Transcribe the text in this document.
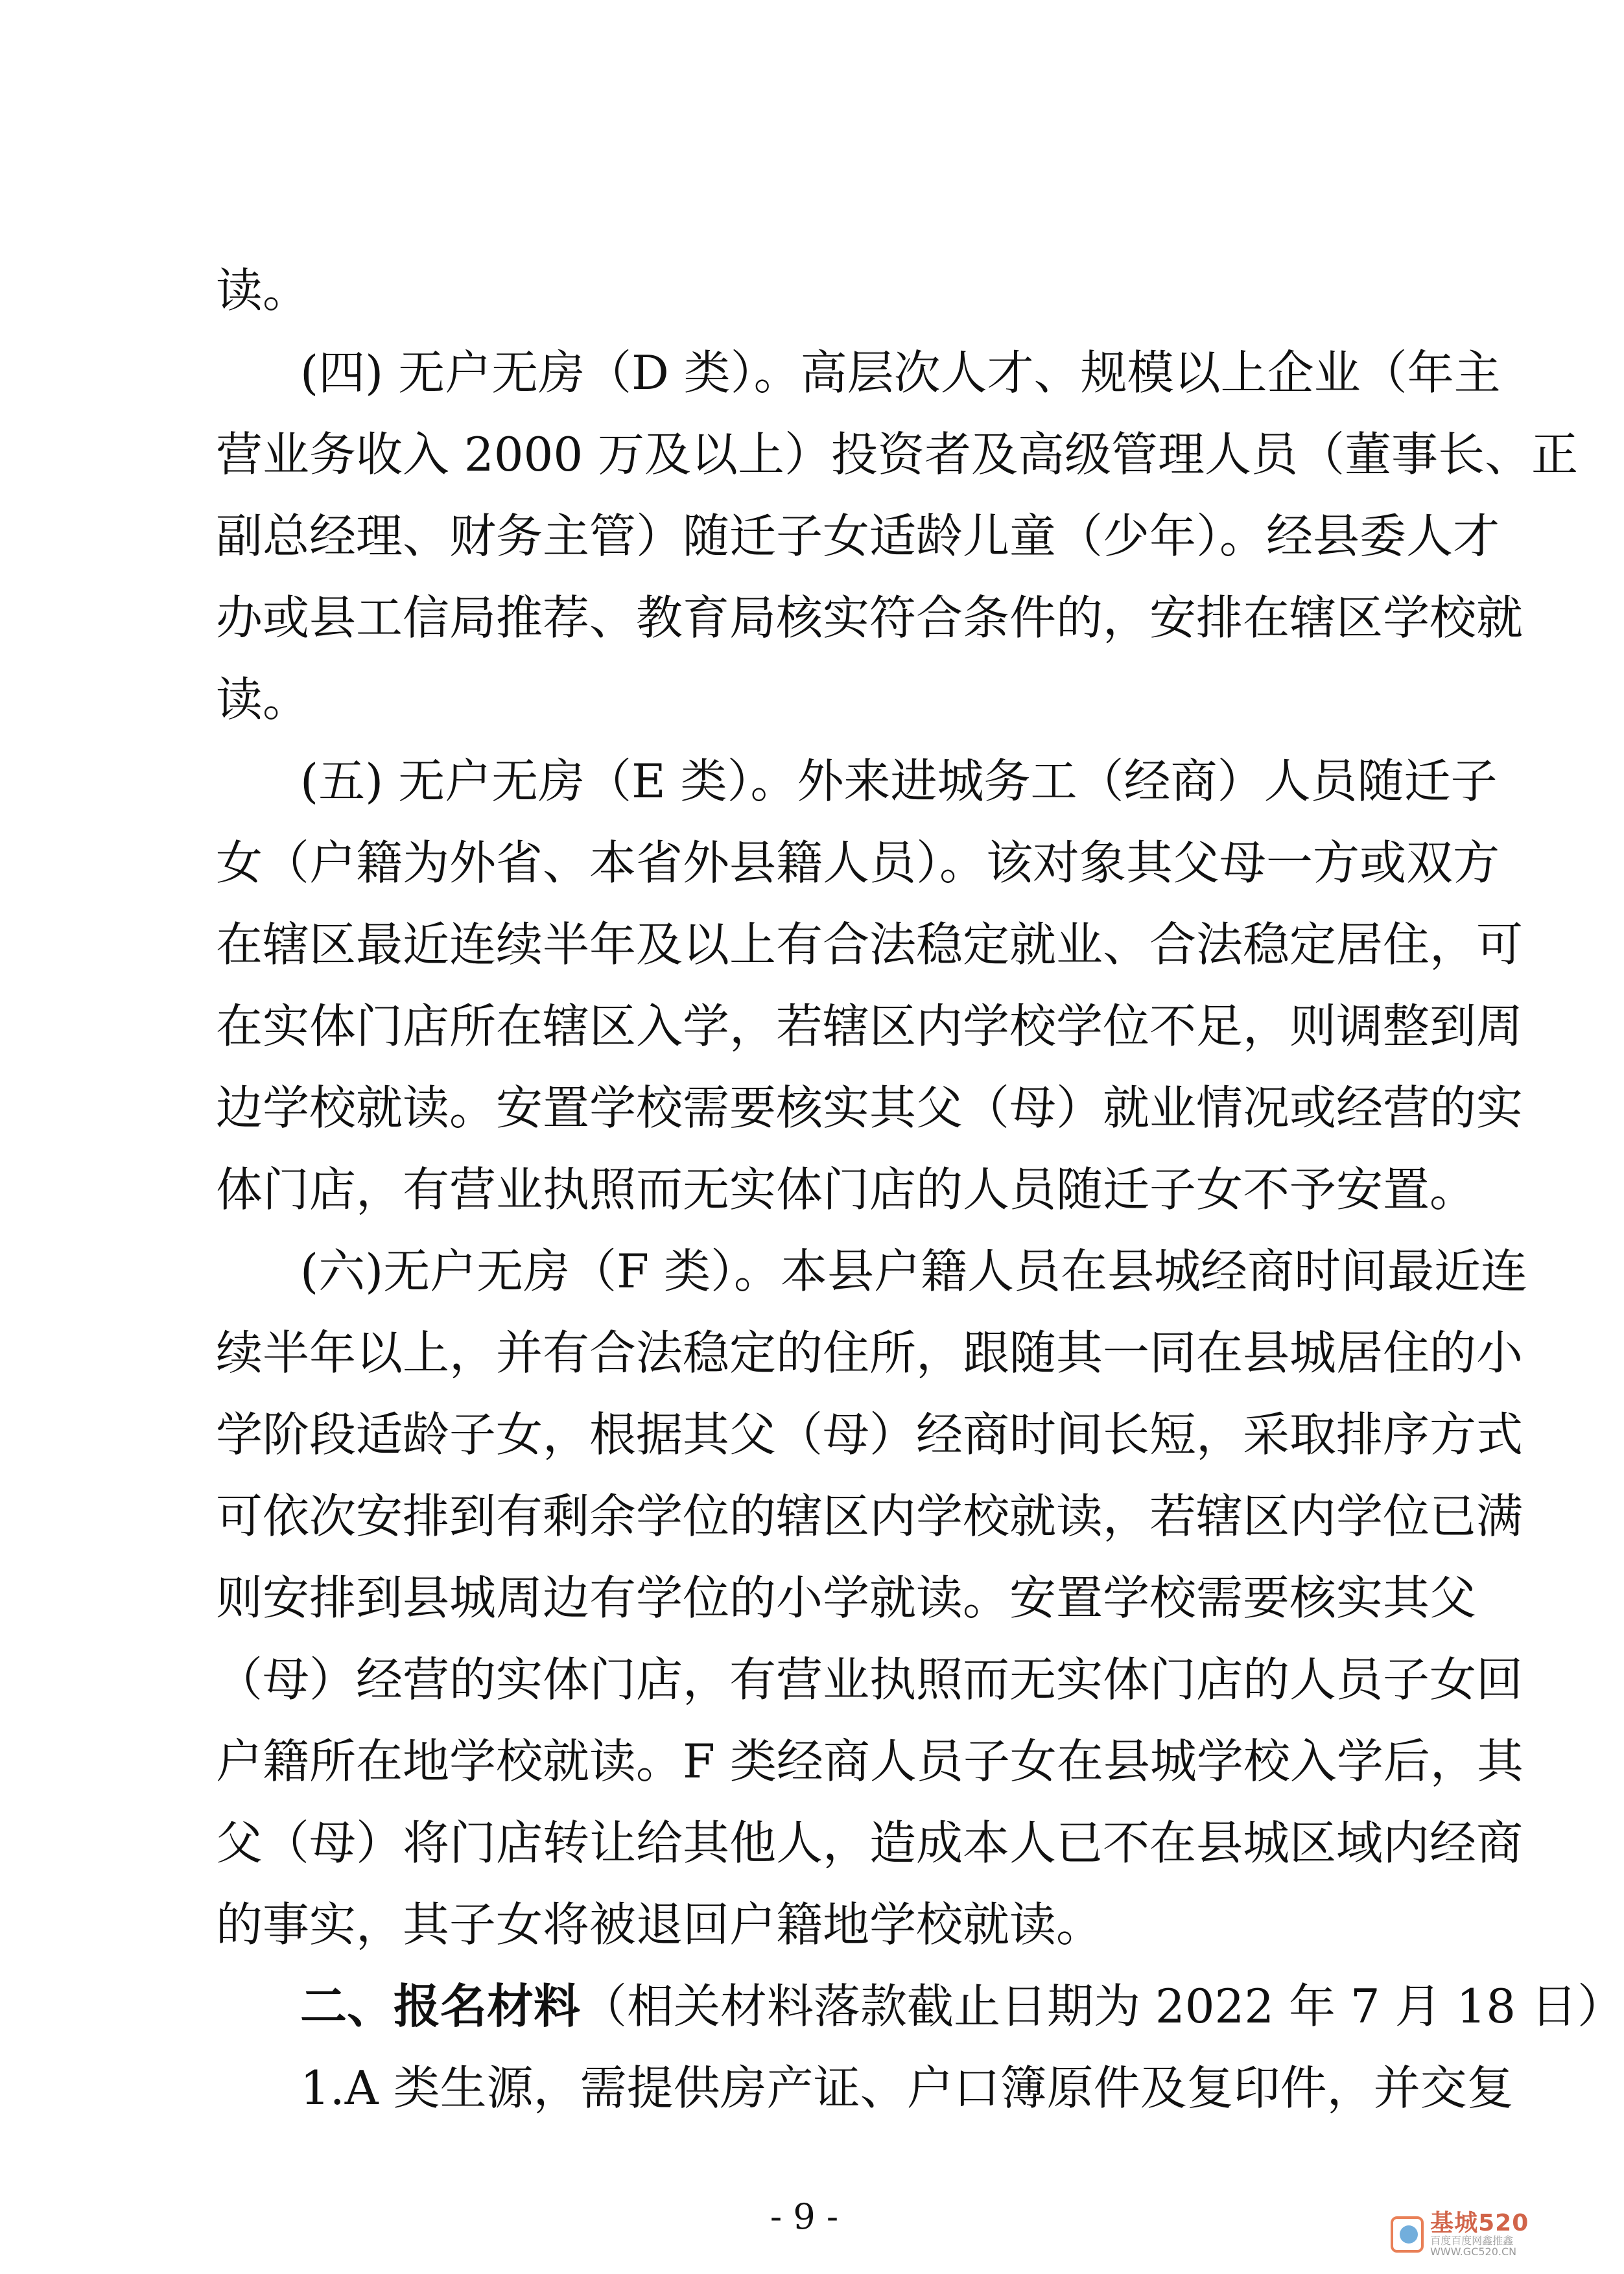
读。
(四) 无户无房（D 类）。高层次人才、规模以上企业（年主
营业务收入 2000 万及以上）投资者及高级管理人员（董事长、正
副总经理、财务主管）随迁子女适龄儿童（少年）。经县委人才
办或县工信局推荐、教育局核实符合条件的，安排在辖区学校就
读。
(五) 无户无房（E 类）。外来进城务工（经商）人员随迁子
女（户籍为外省、本省外县籍人员）。该对象其父母一方或双方
在辖区最近连续半年及以上有合法稳定就业、合法稳定居住，可
在实体门店所在辖区入学，若辖区内学校学位不足，则调整到周
边学校就读。安置学校需要核实其父（母）就业情况或经营的实
体门店，有营业执照而无实体门店的人员随迁子女不予安置。
(六)无户无房（F 类）。本县户籍人员在县城经商时间最近连
续半年以上，并有合法稳定的住所，跟随其一同在县城居住的小
学阶段适龄子女，根据其父（母）经商时间长短，采取排序方式
可依次安排到有剩余学位的辖区内学校就读，若辖区内学位已满
则安排到县城周边有学位的小学就读。安置学校需要核实其父
（母）经营的实体门店，有营业执照而无实体门店的人员子女回
户籍所在地学校就读。F 类经商人员子女在县城学校入学后，其
父（母）将门店转让给其他人，造成本人已不在县城区域内经商
的事实，其子女将被退回户籍地学校就读。
二、报名材料（相关材料落款截止日期为 2022 年 7 月 18 日）
1.A 类生源，需提供房产证、户口簿原件及复印件，并交复
- 9 -	基城520
百度百度网鑫推鑫 WWW.GC520.CN
